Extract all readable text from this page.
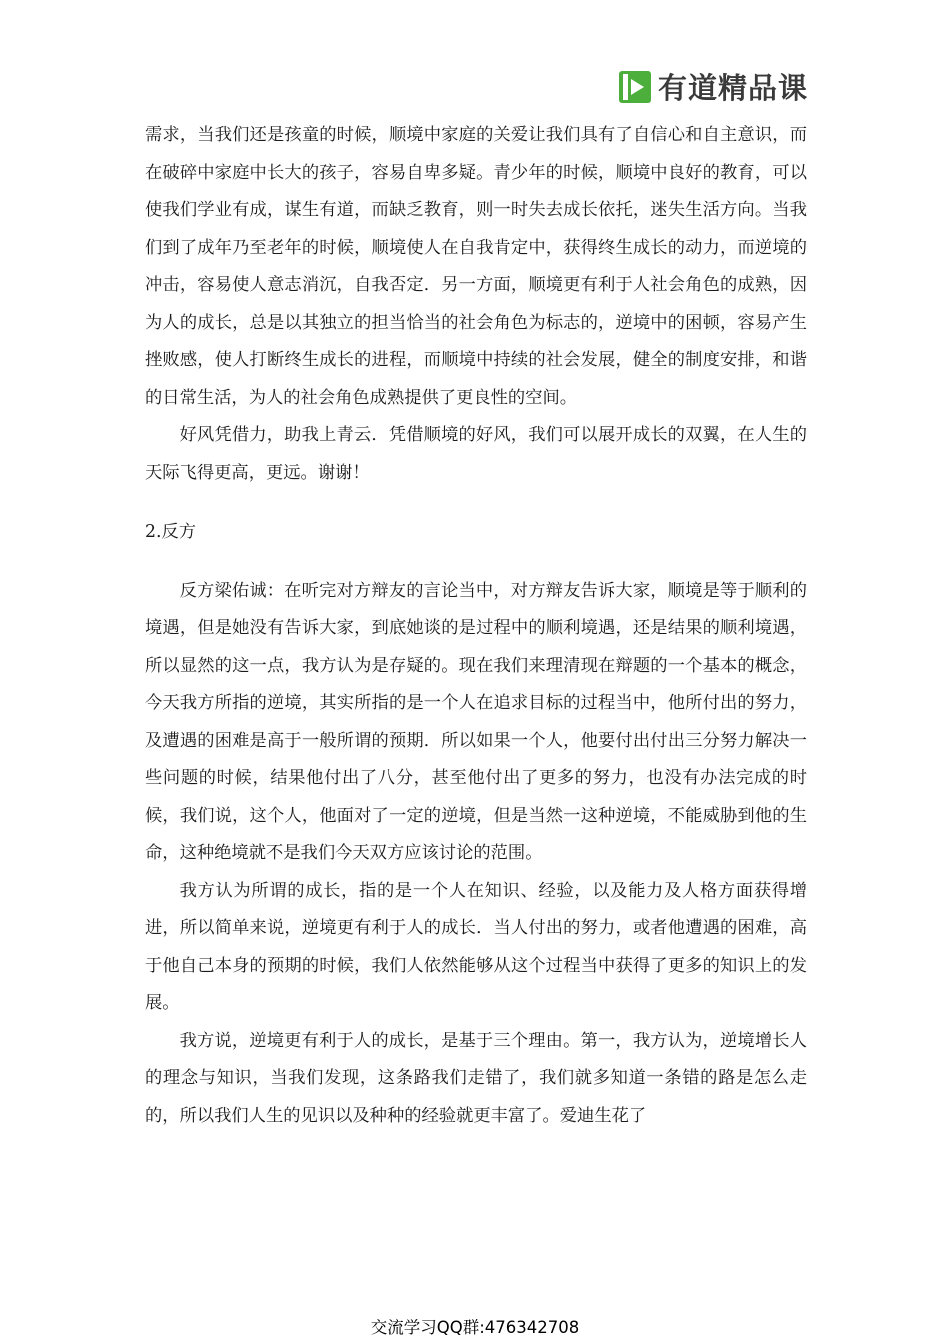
有道精品课

需求，当我们还是孩童的时候，顺境中家庭的关爱让我们具有了自信心和自主意识，而在破碎中家庭中长大的孩子，容易自卑多疑。青少年的时候，顺境中良好的教育，可以使我们学业有成，谋生有道，而缺乏教育，则一时失去成长依托，迷失生活方向。当我们到了成年乃至老年的时候，顺境使人在自我肯定中，获得终生成长的动力，而逆境的冲击，容易使人意志消沉，自我否定．另一方面，顺境更有利于人社会角色的成熟，因为人的成长，总是以其独立的担当恰当的社会角色为标志的，逆境中的困顿，容易产生挫败感，使人打断终生成长的进程，而顺境中持续的社会发展，健全的制度安排，和谐的日常生活，为人的社会角色成熟提供了更良性的空间。

好风凭借力，助我上青云．凭借顺境的好风，我们可以展开成长的双翼，在人生的天际飞得更高，更远。谢谢！

2.反方

反方梁佑诚：在听完对方辩友的言论当中，对方辩友告诉大家，顺境是等于顺利的境遇，但是她没有告诉大家，到底她谈的是过程中的顺利境遇，还是结果的顺利境遇，所以显然的这一点，我方认为是存疑的。现在我们来理清现在辩题的一个基本的概念，今天我方所指的逆境，其实所指的是一个人在追求目标的过程当中，他所付出的努力，及遭遇的困难是高于一般所谓的预期．所以如果一个人，他要付出付出三分努力解决一些问题的时候，结果他付出了八分，甚至他付出了更多的努力，也没有办法完成的时候，我们说，这个人，他面对了一定的逆境，但是当然一这种逆境，不能威胁到他的生命，这种绝境就不是我们今天双方应该讨论的范围。

我方认为所谓的成长，指的是一个人在知识、经验，以及能力及人格方面获得增进，所以简单来说，逆境更有利于人的成长．当人付出的努力，或者他遭遇的困难，高于他自己本身的预期的时候，我们人依然能够从这个过程当中获得了更多的知识上的发展。

我方说，逆境更有利于人的成长，是基于三个理由。第一，我方认为，逆境增长人的理念与知识，当我们发现，这条路我们走错了，我们就多知道一条错的路是怎么走的，所以我们人生的见识以及种种的经验就更丰富了。爱迪生花了

交流学习QQ群:476342708
